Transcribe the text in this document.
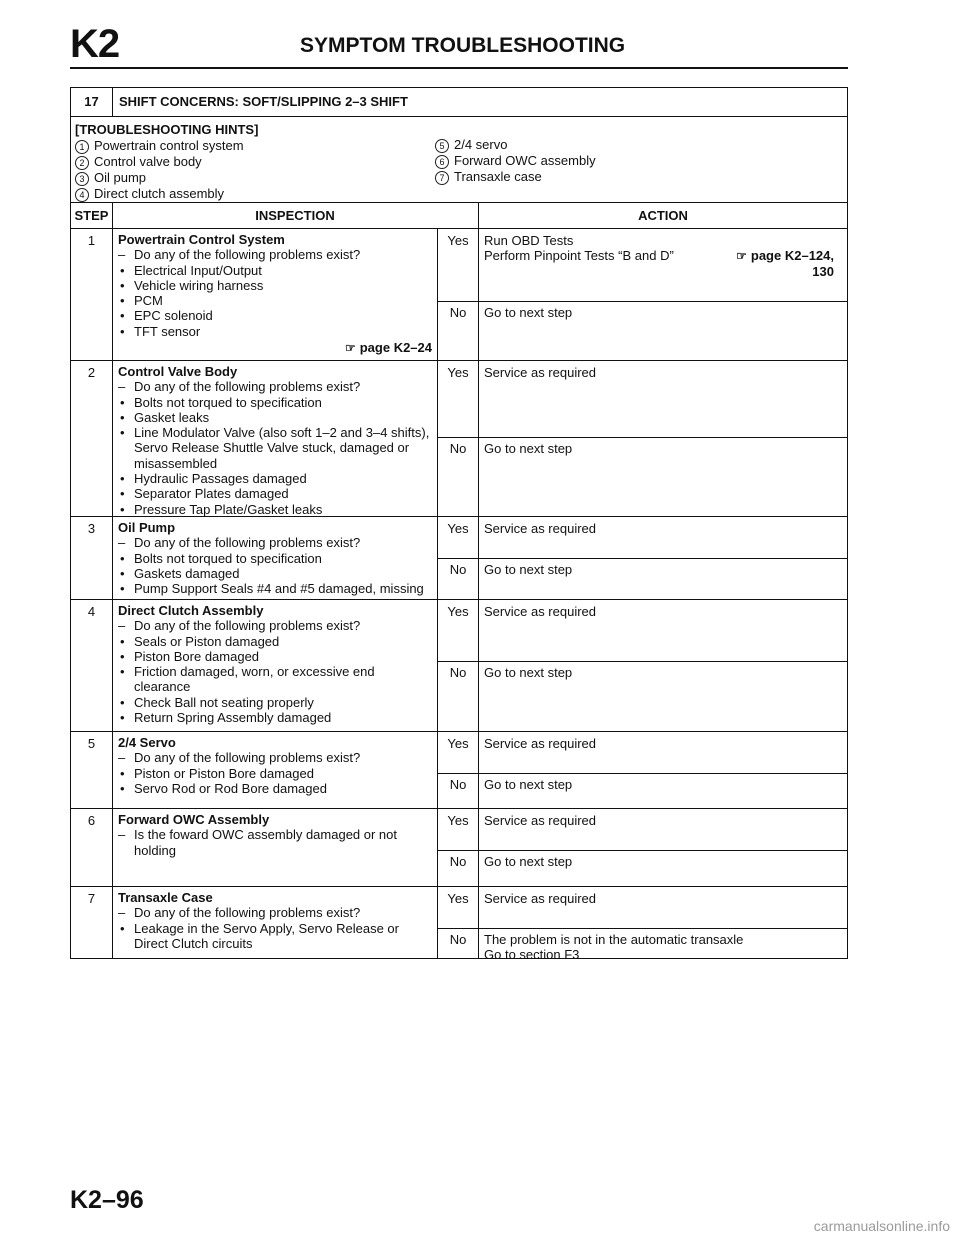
K2	SYMPTOM TROUBLESHOOTING
17	SHIFT CONCERNS: SOFT/SLIPPING 2–3 SHIFT
[TROUBLESHOOTING HINTS]
1 Powertrain control system
2 Control valve body
3 Oil pump
4 Direct clutch assembly
5 2/4 servo
6 Forward OWC assembly
7 Transaxle case
STEP	INSPECTION	ACTION
1	Powertrain Control System
– Do any of the following problems exist?
• Electrical Input/Output
• Vehicle wiring harness
• PCM
• EPC solenoid
• TFT sensor
☞ page K2–24
Yes	Run OBD Tests
Perform Pinpoint Tests “B and D”	☞ page K2–124,
130
No	Go to next step
2	Control Valve Body
– Do any of the following problems exist?
• Bolts not torqued to specification
• Gasket leaks
• Line Modulator Valve (also soft 1–2 and 3–4 shifts), Servo Release Shuttle Valve stuck, damaged or misassembled
• Hydraulic Passages damaged
• Separator Plates damaged
• Pressure Tap Plate/Gasket leaks
Yes	Service as required
No	Go to next step
3	Oil Pump
– Do any of the following problems exist?
• Bolts not torqued to specification
• Gaskets damaged
• Pump Support Seals #4 and #5 damaged, missing
Yes	Service as required
No	Go to next step
4	Direct Clutch Assembly
– Do any of the following problems exist?
• Seals or Piston damaged
• Piston Bore damaged
• Friction damaged, worn, or excessive end clearance
• Check Ball not seating properly
• Return Spring Assembly damaged
Yes	Service as required
No	Go to next step
5	2/4 Servo
– Do any of the following problems exist?
• Piston or Piston Bore damaged
• Servo Rod or Rod Bore damaged
Yes	Service as required
No	Go to next step
6	Forward OWC Assembly
– Is the foward OWC assembly damaged or not holding
Yes	Service as required
No	Go to next step
7	Transaxle Case
– Do any of the following problems exist?
• Leakage in the Servo Apply, Servo Release or Direct Clutch circuits
Yes	Service as required
No	The problem is not in the automatic transaxle
Go to section F3
K2–96
carmanualsonline.info
